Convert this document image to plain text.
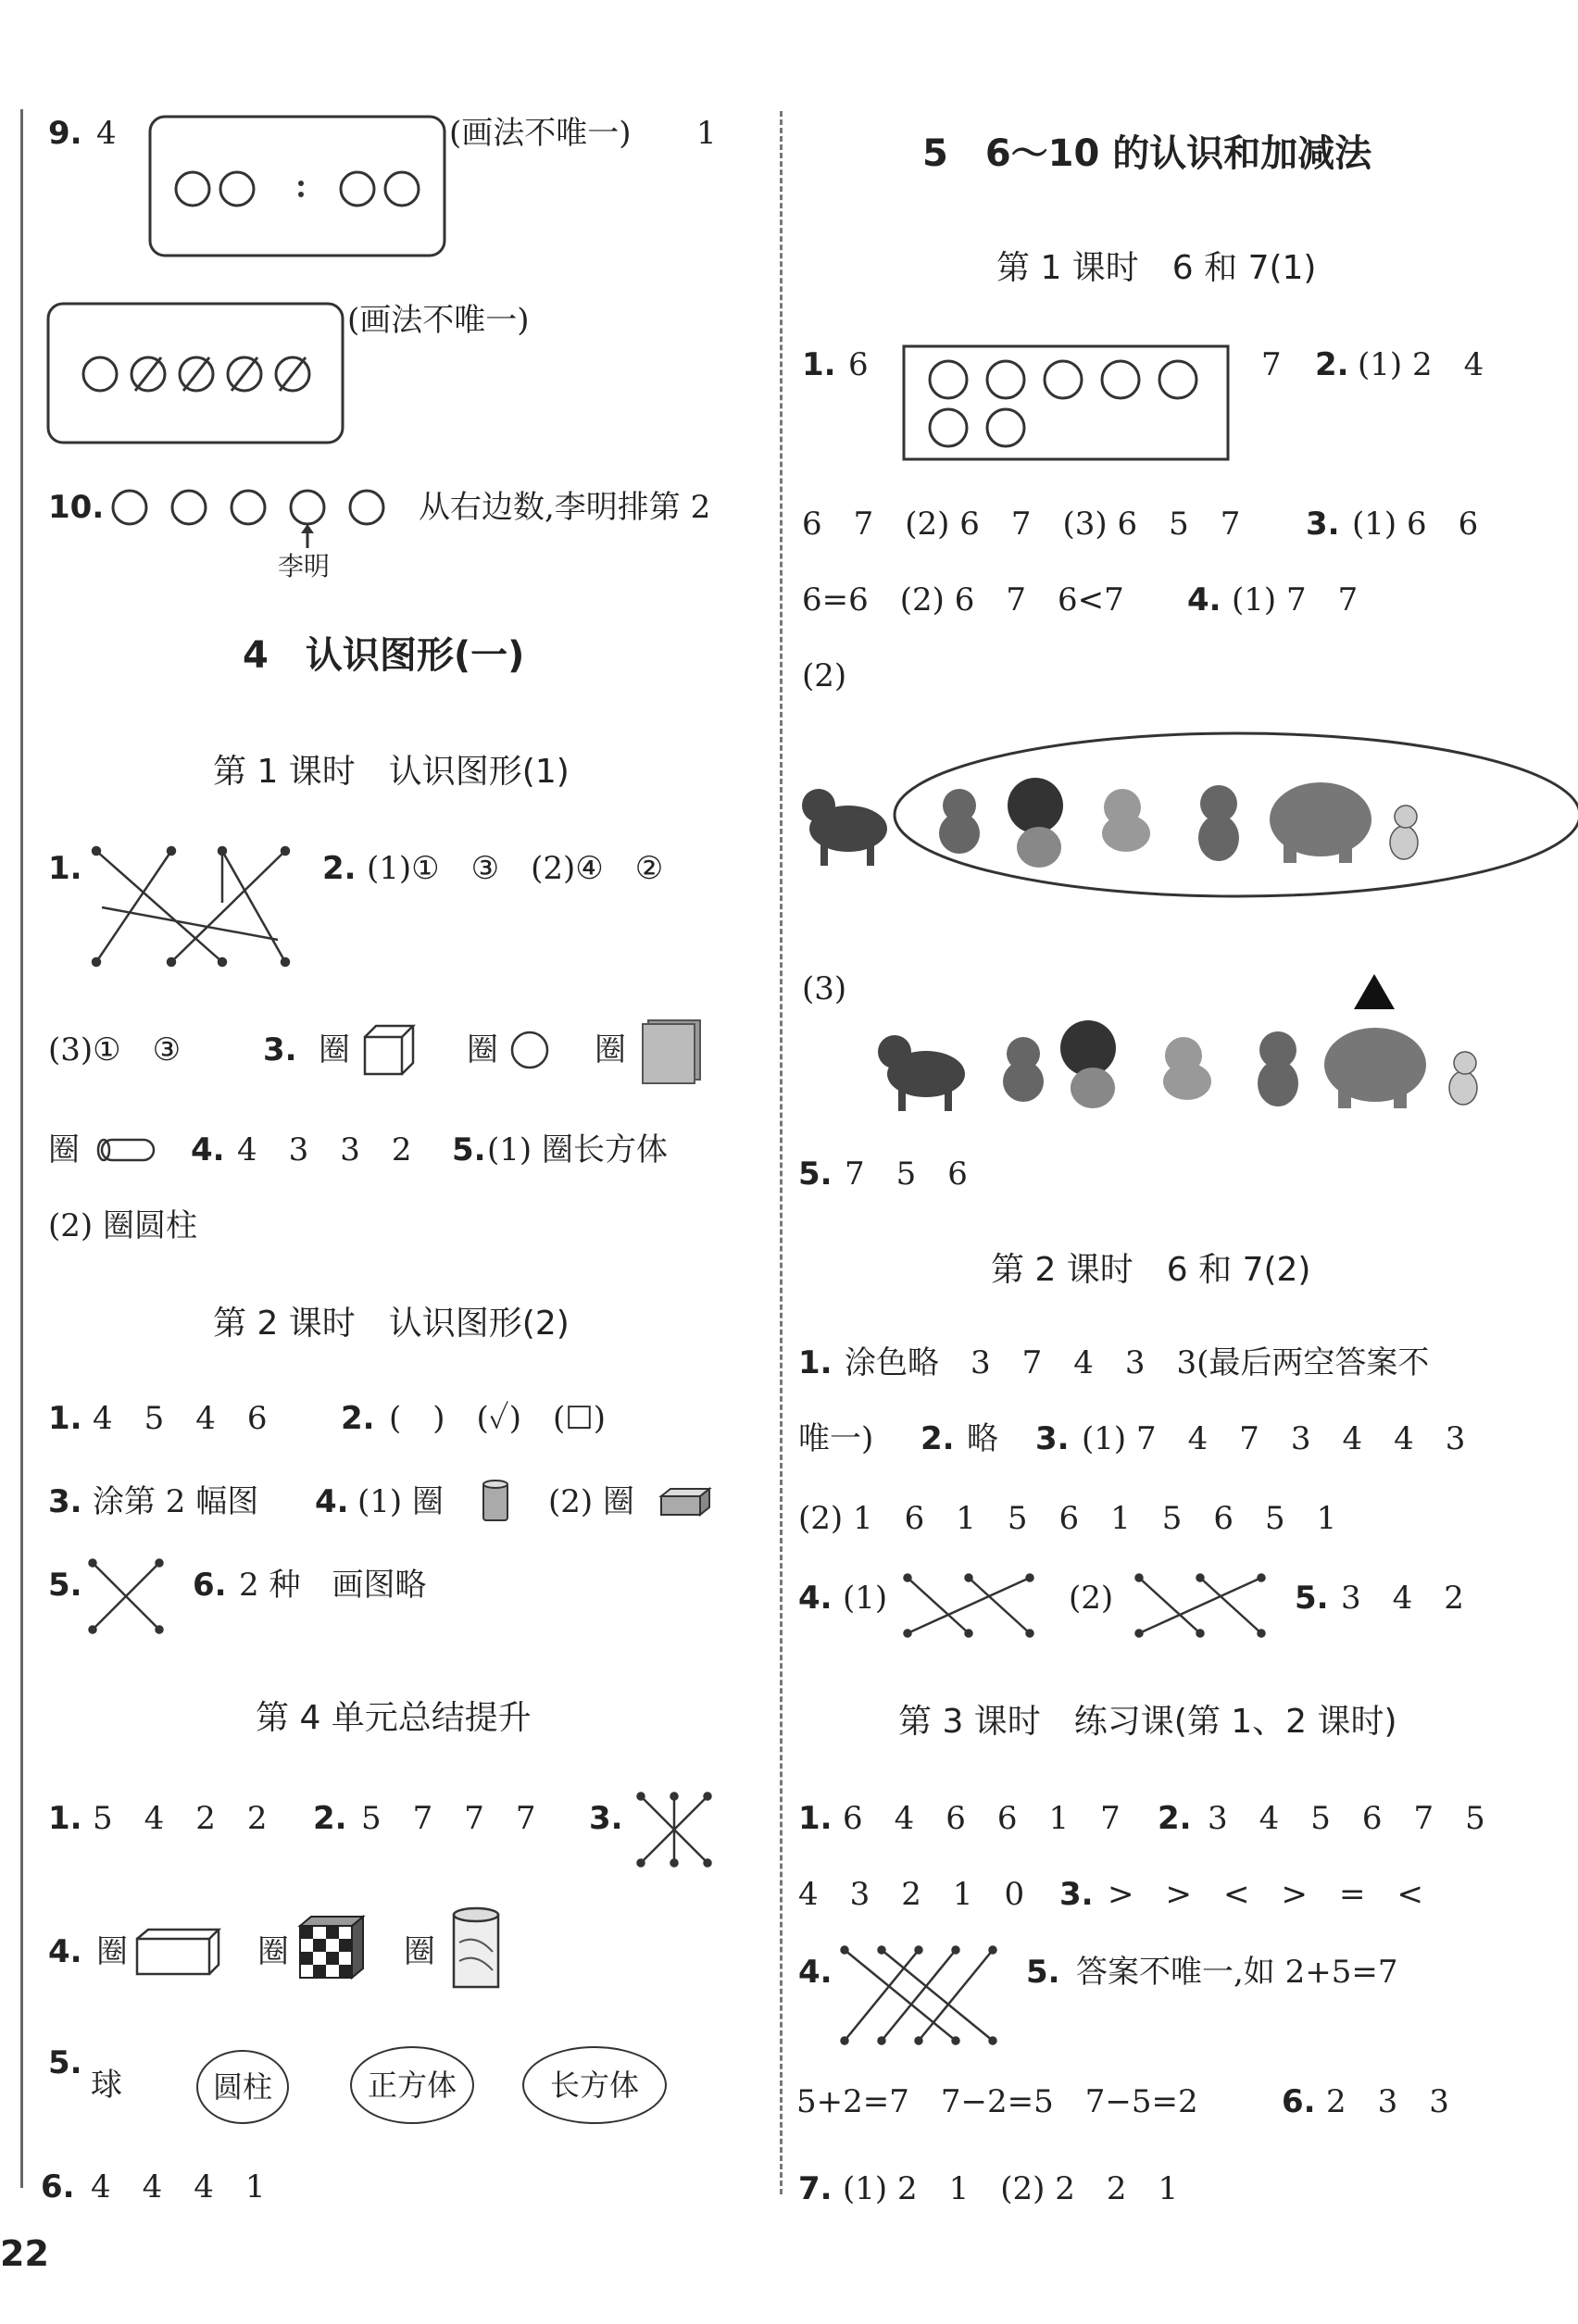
9. 4	(画法不唯一) 1
(画法不唯一)
10.
李明
从右边数,李明排第 2
4　认识图形(一)
第 1 课时　认识图形(1)
1.	2. (1)①　③　(2)④　②
(3)①　③	3. 圈	圈	圈
圈	4. 4　3　3　2 5. (1) 圈长方体
(2) 圈圆柱
第 2 课时　认识图形(2)
1. 4　5　4　6 2. (　)　(✓)　(☐)
3. 涂第 2 幅图 4. (1) 圈	(2) 圈
5.	6. 2 种　画图略
第 4 单元总结提升
1. 5　4　2　2 2. 5　7　7　7 3.
4. 圈	圈	圈
5.
球	圆柱	正方体	长方体
6. 4　4　4　1
22
5　6～10 的认识和加减法
第 1 课时　6 和 7(1)
1. 6	7 2. (1) 2　4
6　7　(2) 6　7　(3) 6　5　7 3. (1) 6　6
6=6　(2) 6　7　6<7 4. (1) 7　7
(2)
(3)
5. 7　5　6
第 2 课时　6 和 7(2)
1. 涂色略　3　7　4　3　3(最后两空答案不
唯一) 2. 略 3. (1) 7　4　7　3　4　4　3
(2) 1　6　1　5　6　1　5　6　5　1
4. (1)	(2)	5. 3　4　2
第 3 课时　练习课(第 1、2 课时)
1. 6　4　6　6　1　7 2. 3　4　5　6　7　5
4　3　2　1　0 3. >　>　<　>　=　<
4.	5. 答案不唯一,如 2+5=7
5+2=7　7−2=5　7−5=2	6. 2　3　3
7. (1) 2　1　(2) 2　2　1
